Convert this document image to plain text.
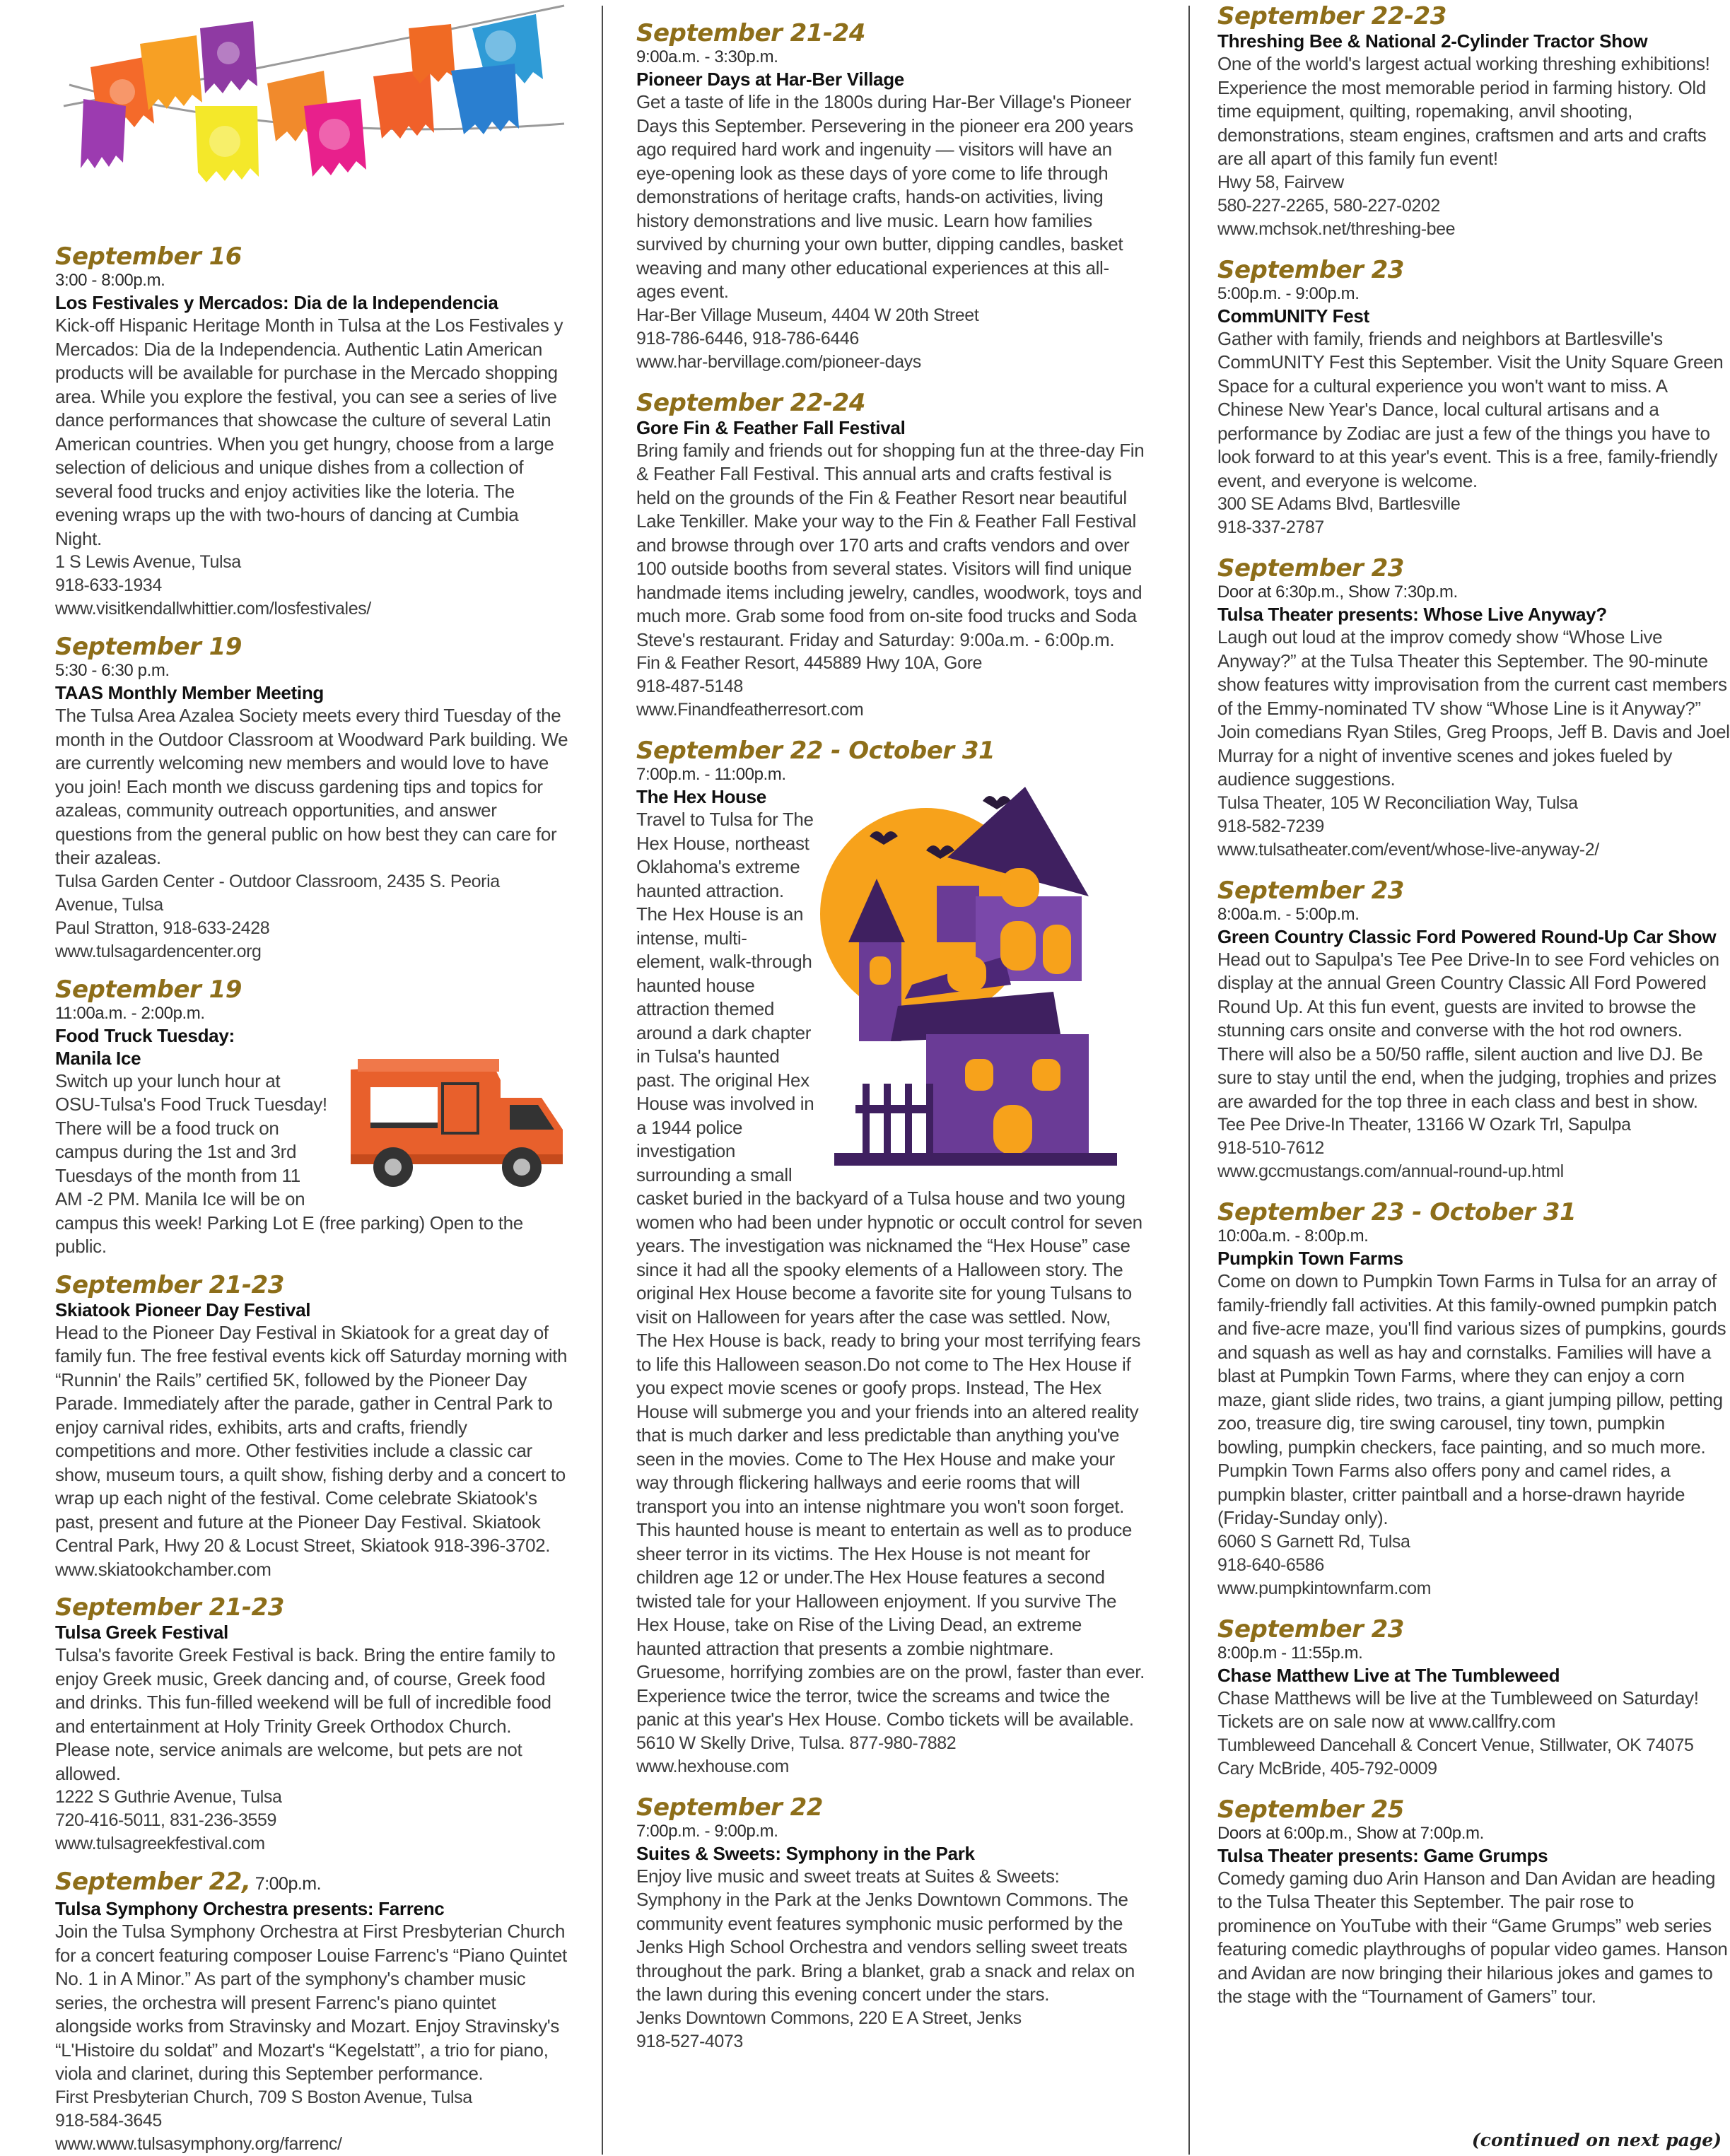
September 16
3:00 - 8:00p.m.
Los Festivales y Mercados: Dia de la Independencia

Kick-off Hispanic Heritage Month in Tulsa at the Los Festivales y Mercados: Dia de la Independencia. Authentic Latin American products will be available for purchase in the Mercado shopping area. While you explore the festival, you can see a series of live dance performances that showcase the culture of several Latin American countries. When you get hungry, choose from a large selection of delicious and unique dishes from a collection of several food trucks and enjoy activities like the loteria. The evening wraps up the with two-hours of dancing at Cumbia Night.

1 S Lewis Avenue, Tulsa
918-633-1934
www.visitkendallwhittier.com/losfestivales/
September 19
5:30 - 6:30 p.m.
TAAS Monthly Member Meeting

The Tulsa Area Azalea Society meets every third Tuesday of the month in the Outdoor Classroom at Woodward Park building. We are currently welcoming new members and would love to have you join! Each month we discuss gardening tips and topics for azaleas, community outreach opportunities, and answer questions from the general public on how best they can care for their azaleas.

Tulsa Garden Center - Outdoor Classroom, 2435 S. Peoria
Avenue, Tulsa
Paul Stratton, 918-633-2428
www.tulsagardencenter.org
September 19
11:00a.m. - 2:00p.m.
Food Truck Tuesday:
Manila Ice

Switch up your lunch hour at OSU-Tulsa's Food Truck Tuesday! There will be a food truck on campus during the 1st and 3rd Tuesdays of the month from 11 AM -2 PM. Manila Ice will be on campus this week! Parking Lot E (free parking) Open to the public.

September 21-23
Skiatook Pioneer Day Festival

Head to the Pioneer Day Festival in Skiatook for a great day of family fun. The free festival events kick off Saturday morning with “Runnin' the Rails” certified 5K, followed by the Pioneer Day Parade. Immediately after the parade, gather in Central Park to enjoy carnival rides, exhibits, arts and crafts, friendly competitions and more. Other festivities include a classic car show, museum tours, a quilt show, fishing derby and a concert to wrap up each night of the festival. Come celebrate Skiatook's past, present and future at the Pioneer Day Festival. Skiatook Central Park, Hwy 20 & Locust Street, Skiatook 918-396-3702. www.skiatookchamber.com

September 21-23
Tulsa Greek Festival

Tulsa's favorite Greek Festival is back. Bring the entire family to enjoy Greek music, Greek dancing and, of course, Greek food and drinks. This fun-filled weekend will be full of incredible food and entertainment at Holy Trinity Greek Orthodox Church. Please note, service animals are welcome, but pets are not allowed.

1222 S Guthrie Avenue, Tulsa
720-416-5011, 831-236-3559
www.tulsagreekfestival.com
September 22, 7:00p.m.
Tulsa Symphony Orchestra presents: Farrenc

Join the Tulsa Symphony Orchestra at First Presbyterian Church for a concert featuring composer Louise Farrenc's “Piano Quintet No. 1 in A Minor.” As part of the symphony's chamber music series, the orchestra will present Farrenc's piano quintet alongside works from Stravinsky and Mozart. Enjoy Stravinsky's “L'Histoire du soldat” and Mozart's “Kegelstatt”, a trio for piano, viola and clarinet, during this September performance.

First Presbyterian Church, 709 S Boston Avenue, Tulsa
918-584-3645
www.www.tulsasymphony.org/farrenc/
September 21-24
9:00a.m. - 3:30p.m.
Pioneer Days at Har-Ber Village

Get a taste of life in the 1800s during Har-Ber Village's Pioneer Days this September. Persevering in the pioneer era 200 years ago required hard work and ingenuity — visitors will have an eye-opening look as these days of yore come to life through demonstrations of heritage crafts, hands-on activities, living history demonstrations and live music. Learn how families survived by churning your own butter, dipping candles, basket weaving and many other educational experiences at this all-ages event.

Har-Ber Village Museum, 4404 W 20th Street
918-786-6446, 918-786-6446
www.har-bervillage.com/pioneer-days
September 22-24
Gore Fin & Feather Fall Festival

Bring family and friends out for shopping fun at the three-day Fin & Feather Fall Festival. This annual arts and crafts festival is held on the grounds of the Fin & Feather Resort near beautiful Lake Tenkiller. Make your way to the Fin & Feather Fall Festival and browse through over 170 arts and crafts vendors and over 100 outside booths from several states. Visitors will find unique handmade items including jewelry, candles, woodwork, toys and much more. Grab some food from on-site food trucks and Soda Steve's restaurant. Friday and Saturday: 9:00a.m. - 6:00p.m.

Fin & Feather Resort, 445889 Hwy 10A, Gore
918-487-5148
www.Finandfeatherresort.com
September 22 - October 31
7:00p.m. - 11:00p.m.
The Hex House

Travel to Tulsa for The Hex House, northeast Oklahoma's extreme haunted attraction. The Hex House is an intense, multi-element, walk-through haunted house attraction themed around a dark chapter in Tulsa's haunted past. The original Hex House was involved in a 1944 police investigation surrounding a small casket buried in the backyard of a Tulsa house and two young women who had been under hypnotic or occult control for seven years. The investigation was nicknamed the “Hex House” case since it had all the spooky elements of a Halloween story. The original Hex House become a favorite site for young Tulsans to visit on Halloween for years after the case was settled. Now, The Hex House is back, ready to bring your most terrifying fears to life this Halloween season.Do not come to The Hex House if you expect movie scenes or goofy props. Instead, The Hex House will submerge you and your friends into an altered reality that is much darker and less predictable than anything you've seen in the movies. Come to The Hex House and make your way through flickering hallways and eerie rooms that will transport you into an intense nightmare you won't soon forget. This haunted house is meant to entertain as well as to produce sheer terror in its victims. The Hex House is not meant for children age 12 or under.The Hex House features a second twisted tale for your Halloween enjoyment. If you survive The Hex House, take on Rise of the Living Dead, an extreme haunted attraction that presents a zombie nightmare. Gruesome, horrifying zombies are on the prowl, faster than ever. Experience twice the terror, twice the screams and twice the panic at this year's Hex House. Combo tickets will be available.

5610 W Skelly Drive, Tulsa. 877-980-7882
www.hexhouse.com
September 22
7:00p.m. - 9:00p.m.
Suites & Sweets: Symphony in the Park

Enjoy live music and sweet treats at Suites & Sweets: Symphony in the Park at the Jenks Downtown Commons. The community event features symphonic music performed by the Jenks High School Orchestra and vendors selling sweet treats throughout the park. Bring a blanket, grab a snack and relax on the lawn during this evening concert under the stars.

Jenks Downtown Commons, 220 E A Street, Jenks
918-527-4073
September 22-23
Threshing Bee & National 2-Cylinder Tractor Show

One of the world's largest actual working threshing exhibitions! Experience the most memorable period in farming history. Old time equipment, quilting, ropemaking, anvil shooting, demonstrations, steam engines, craftsmen and arts and crafts are all apart of this family fun event!

Hwy 58, Fairvew
580-227-2265, 580-227-0202
www.mchsok.net/threshing-bee
September 23
5:00p.m. - 9:00p.m.
CommUNITY Fest

Gather with family, friends and neighbors at Bartlesville's CommUNITY Fest this September. Visit the Unity Square Green Space for a cultural experience you won't want to miss. A Chinese New Year's Dance, local cultural artisans and a performance by Zodiac are just a few of the things you have to look forward to at this year's event. This is a free, family-friendly event, and everyone is welcome.

300 SE Adams Blvd, Bartlesville
918-337-2787
September 23
Door at 6:30p.m., Show 7:30p.m.
Tulsa Theater presents: Whose Live Anyway?

Laugh out loud at the improv comedy show “Whose Live Anyway?” at the Tulsa Theater this September. The 90-minute show features witty improvisation from the current cast members of the Emmy-nominated TV show “Whose Line is it Anyway?” Join comedians Ryan Stiles, Greg Proops, Jeff B. Davis and Joel Murray for a night of inventive scenes and jokes fueled by audience suggestions.

Tulsa Theater, 105 W Reconciliation Way, Tulsa
918-582-7239
www.tulsatheater.com/event/whose-live-anyway-2/
September 23
8:00a.m. - 5:00p.m.
Green Country Classic Ford Powered Round-Up Car Show

Head out to Sapulpa's Tee Pee Drive-In to see Ford vehicles on display at the annual Green Country Classic All Ford Powered Round Up. At this fun event, guests are invited to browse the stunning cars onsite and converse with the hot rod owners. There will also be a 50/50 raffle, silent auction and live DJ. Be sure to stay until the end, when the judging, trophies and prizes are awarded for the top three in each class and best in show.

Tee Pee Drive-In Theater, 13166 W Ozark Trl, Sapulpa
918-510-7612
www.gccmustangs.com/annual-round-up.html
September 23 - October 31
10:00a.m. - 8:00p.m.
Pumpkin Town Farms

Come on down to Pumpkin Town Farms in Tulsa for an array of family-friendly fall activities. At this family-owned pumpkin patch and five-acre maze, you'll find various sizes of pumpkins, gourds and squash as well as hay and cornstalks. Families will have a blast at Pumpkin Town Farms, where they can enjoy a corn maze, giant slide rides, two trains, a giant jumping pillow, petting zoo, treasure dig, tire swing carousel, tiny town, pumpkin bowling, pumpkin checkers, face painting, and so much more. Pumpkin Town Farms also offers pony and camel rides, a pumpkin blaster, critter paintball and a horse-drawn hayride (Friday-Sunday only).

6060 S Garnett Rd, Tulsa
918-640-6586
www.pumpkintownfarm.com
September 23
8:00p.m - 11:55p.m.
Chase Matthew Live at The Tumbleweed

Chase Matthews will be live at the Tumbleweed on Saturday! Tickets are on sale now at www.callfry.com

Tumbleweed Dancehall & Concert Venue, Stillwater, OK 74075
Cary McBride, 405-792-0009
September 25
Doors at 6:00p.m., Show at 7:00p.m.
Tulsa Theater presents: Game Grumps

Comedy gaming duo Arin Hanson and Dan Avidan are heading to the Tulsa Theater this September. The pair rose to prominence on YouTube with their “Game Grumps” web series featuring comedic playthroughs of popular video games. Hanson and Avidan are now bringing their hilarious jokes and games to the stage with the “Tournament of Gamers” tour.

(continued on next page)
